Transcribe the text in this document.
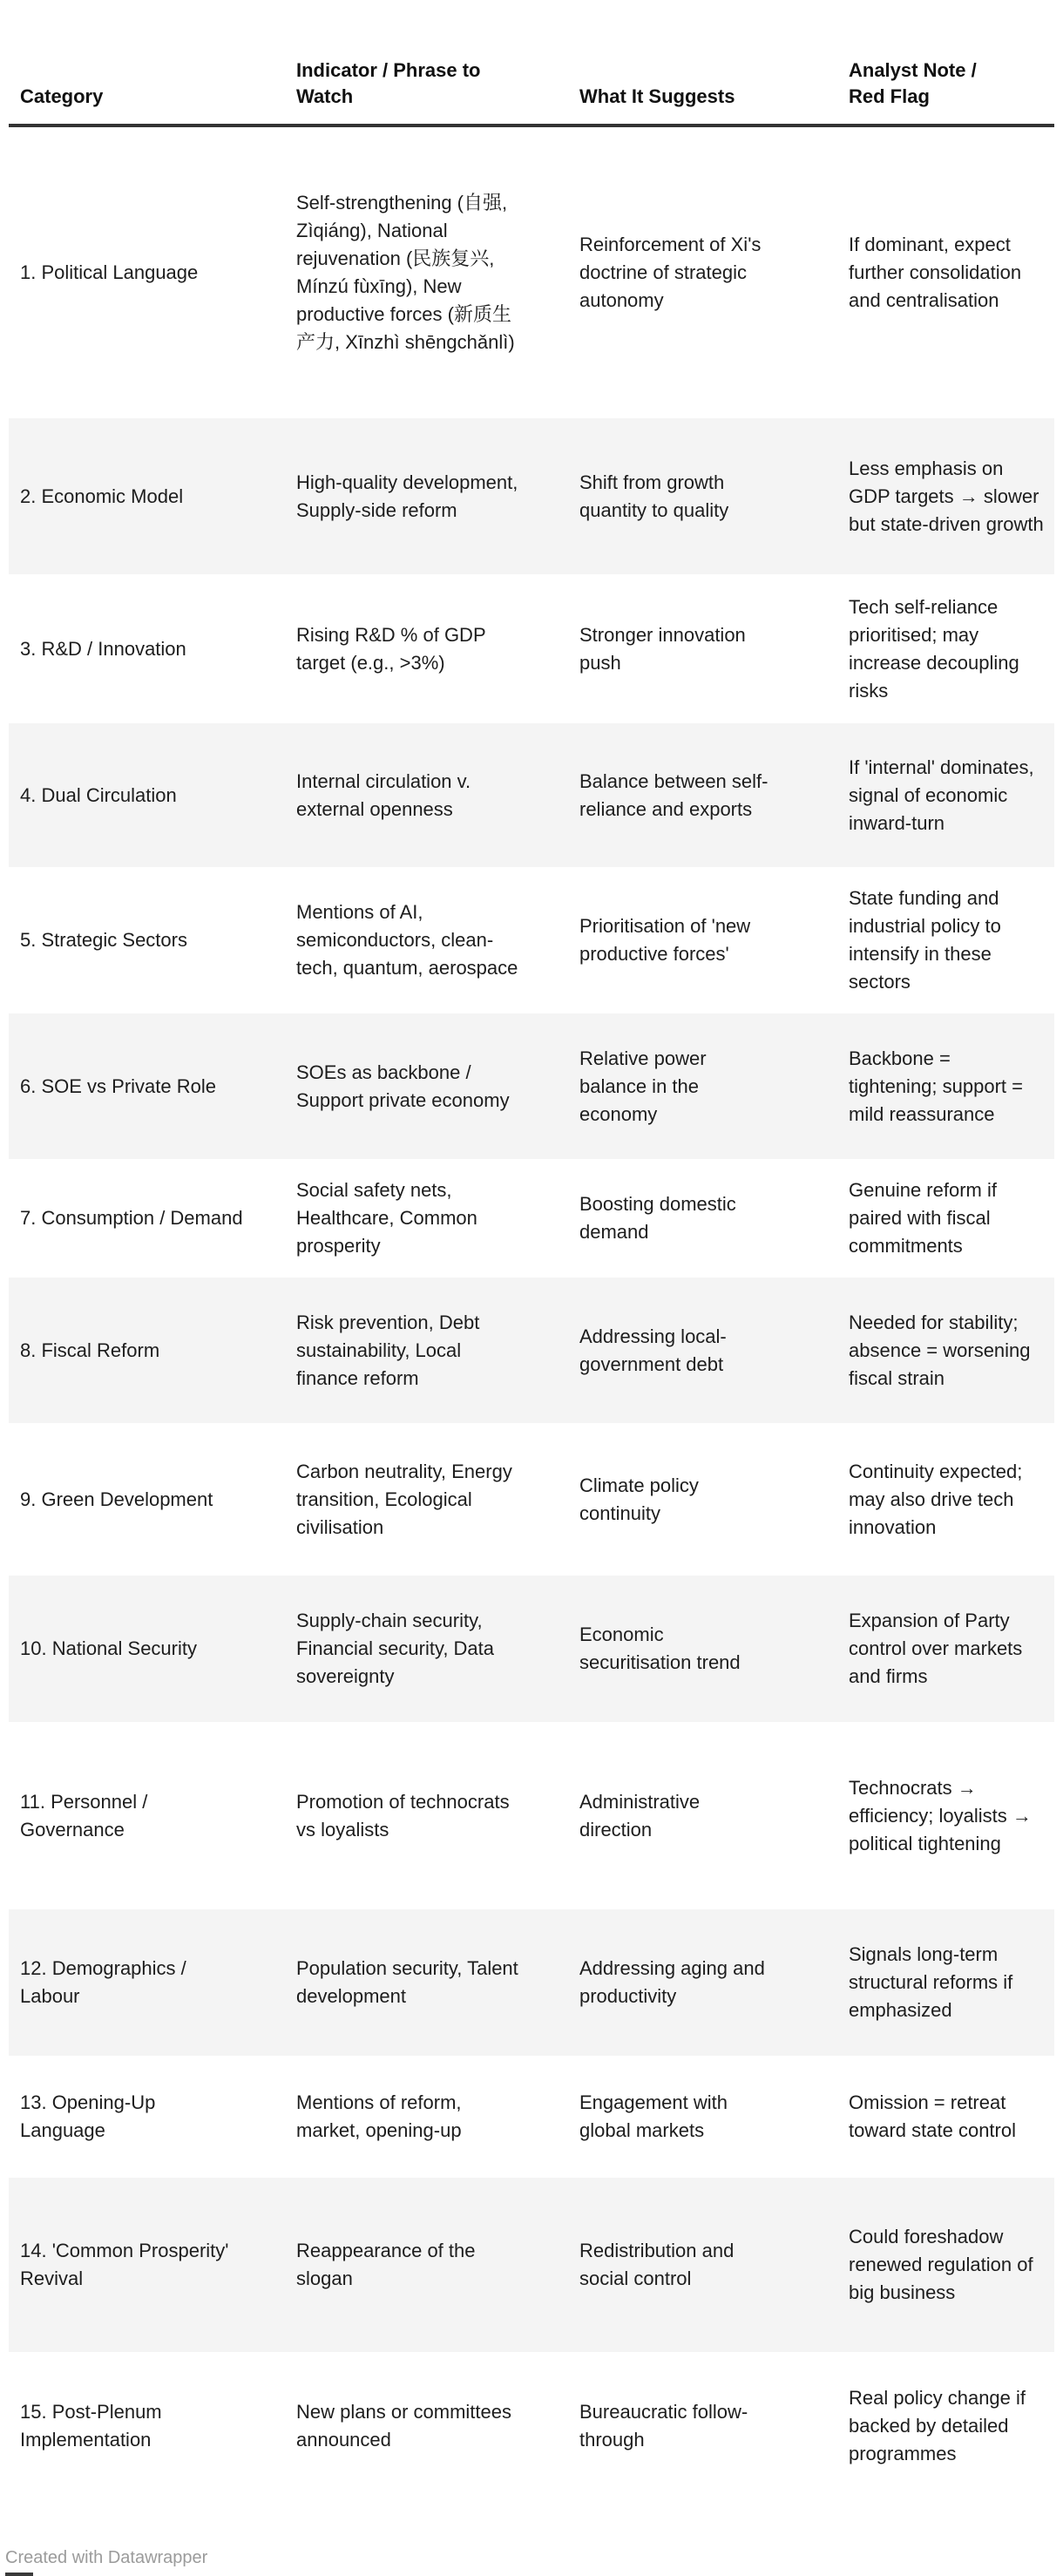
Category	Indicator / Phrase to Watch	What It Suggests	Analyst Note / Red Flag
1. Political Language	Self-strengthening (自强, Zìqiáng), National rejuvenation (民族复兴, Mínzú fùxīng), New productive forces (新质生产力, Xīnzhì shēngchǎnlì)	Reinforcement of Xi's doctrine of strategic autonomy	If dominant, expect further consolidation and centralisation
2. Economic Model	High-quality development, Supply-side reform	Shift from growth quantity to quality	Less emphasis on GDP targets → slower but state-driven growth
3. R&D / Innovation	Rising R&D % of GDP target (e.g., >3%)	Stronger innovation push	Tech self-reliance prioritised; may increase decoupling risks
4. Dual Circulation	Internal circulation v. external openness	Balance between self-reliance and exports	If 'internal' dominates, signal of economic inward-turn
5. Strategic Sectors	Mentions of AI, semiconductors, clean-tech, quantum, aerospace	Prioritisation of 'new productive forces'	State funding and industrial policy to intensify in these sectors
6. SOE vs Private Role	SOEs as backbone / Support private economy	Relative power balance in the economy	Backbone = tightening; support = mild reassurance
7. Consumption / Demand	Social safety nets, Healthcare, Common prosperity	Boosting domestic demand	Genuine reform if paired with fiscal commitments
8. Fiscal Reform	Risk prevention, Debt sustainability, Local finance reform	Addressing local-government debt	Needed for stability; absence = worsening fiscal strain
9. Green Development	Carbon neutrality, Energy transition, Ecological civilisation	Climate policy continuity	Continuity expected; may also drive tech innovation
10. National Security	Supply-chain security, Financial security, Data sovereignty	Economic securitisation trend	Expansion of Party control over markets and firms
11. Personnel / Governance	Promotion of technocrats vs loyalists	Administrative direction	Technocrats → efficiency; loyalists → political tightening
12. Demographics / Labour	Population security, Talent development	Addressing aging and productivity	Signals long-term structural reforms if emphasized
13. Opening-Up Language	Mentions of reform, market, opening-up	Engagement with global markets	Omission = retreat toward state control
14. 'Common Prosperity' Revival	Reappearance of the slogan	Redistribution and social control	Could foreshadow renewed regulation of big business
15. Post-Plenum Implementation	New plans or committees announced	Bureaucratic follow-through	Real policy change if backed by detailed programmes
Created with Datawrapper
